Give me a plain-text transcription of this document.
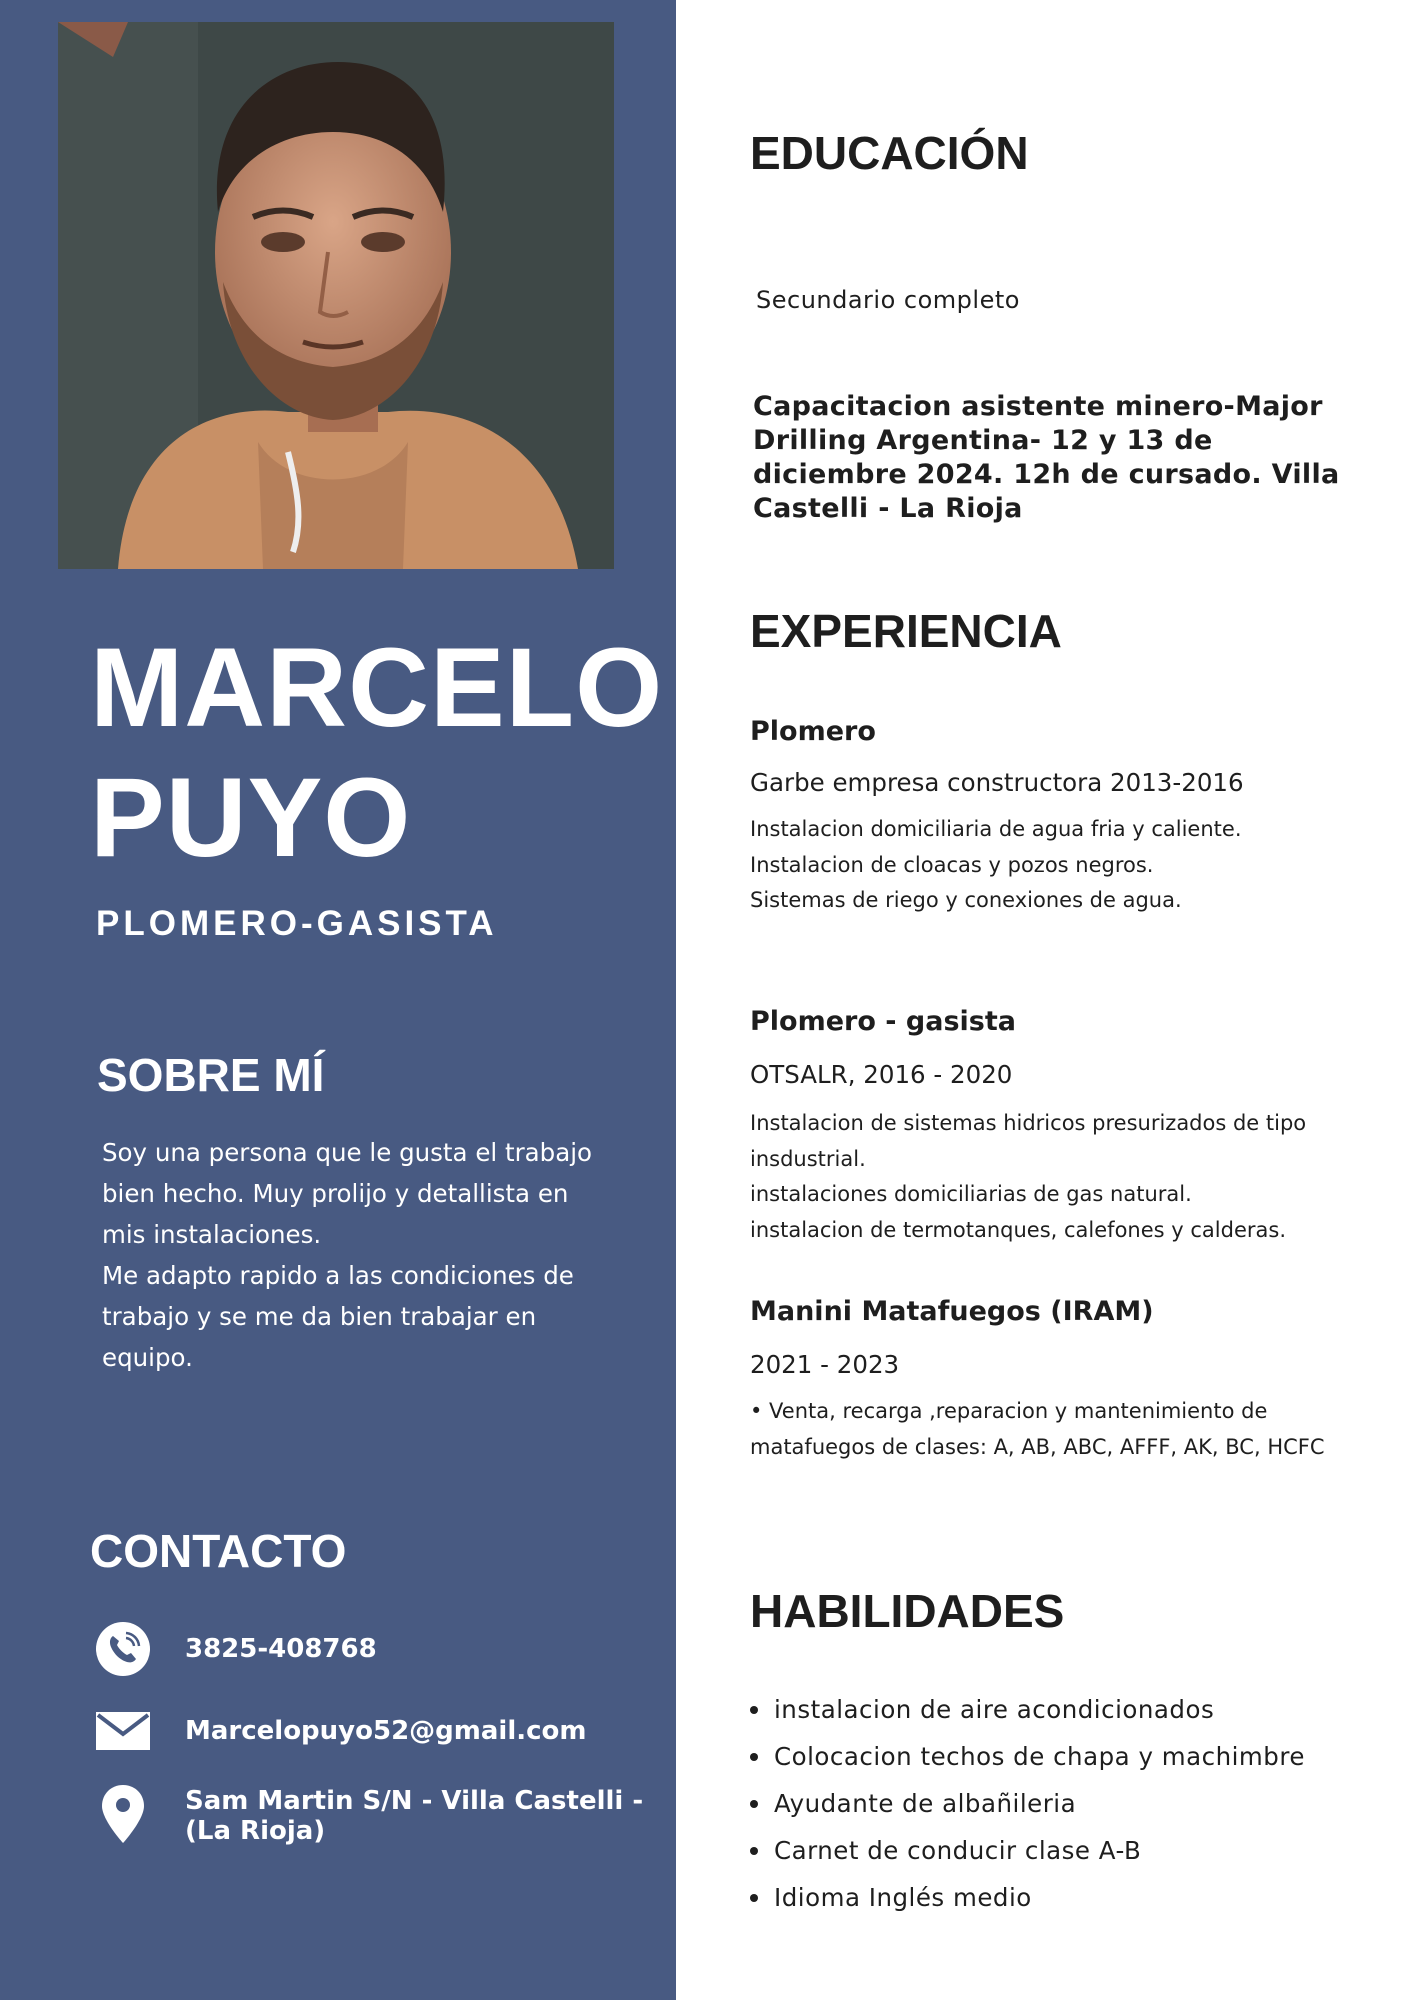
MARCELO
PUYO
PLOMERO-GASISTA
SOBRE MÍ

Soy una persona que le gusta el trabajo bien hecho. Muy prolijo y detallista en mis instalaciones.

Me adapto rapido a las condiciones de trabajo y se me da bien trabajar en equipo.

CONTACTO
3825-408768
Marcelopuyo52@gmail.com
Sam Martin S/N - Villa Castelli - (La Rioja)
EDUCACIÓN

Secundario completo

Capacitacion asistente minero-Major Drilling Argentina- 12 y 13 de diciembre 2024. 12h de cursado. Villa Castelli - La Rioja

EXPERIENCIA

Plomero

Garbe empresa constructora 2013-2016

Instalacion domiciliaria de agua fria y caliente.

Instalacion de cloacas y pozos negros.

Sistemas de riego y conexiones de agua.

Plomero - gasista

OTSALR, 2016 - 2020

Instalacion de sistemas hidricos presurizados de tipo insdustrial.

instalaciones domiciliarias de gas natural.

instalacion de termotanques, calefones y calderas.

Manini Matafuegos (IRAM)

2021 - 2023

• Venta, recarga ,reparacion y mantenimiento de matafuegos de clases: A, AB, ABC, AFFF, AK, BC, HCFC

HABILIDADES
instalacion de aire acondicionados
Colocacion techos de chapa y machimbre
Ayudante de albañileria
Carnet de conducir clase A-B
Idioma Inglés medio
